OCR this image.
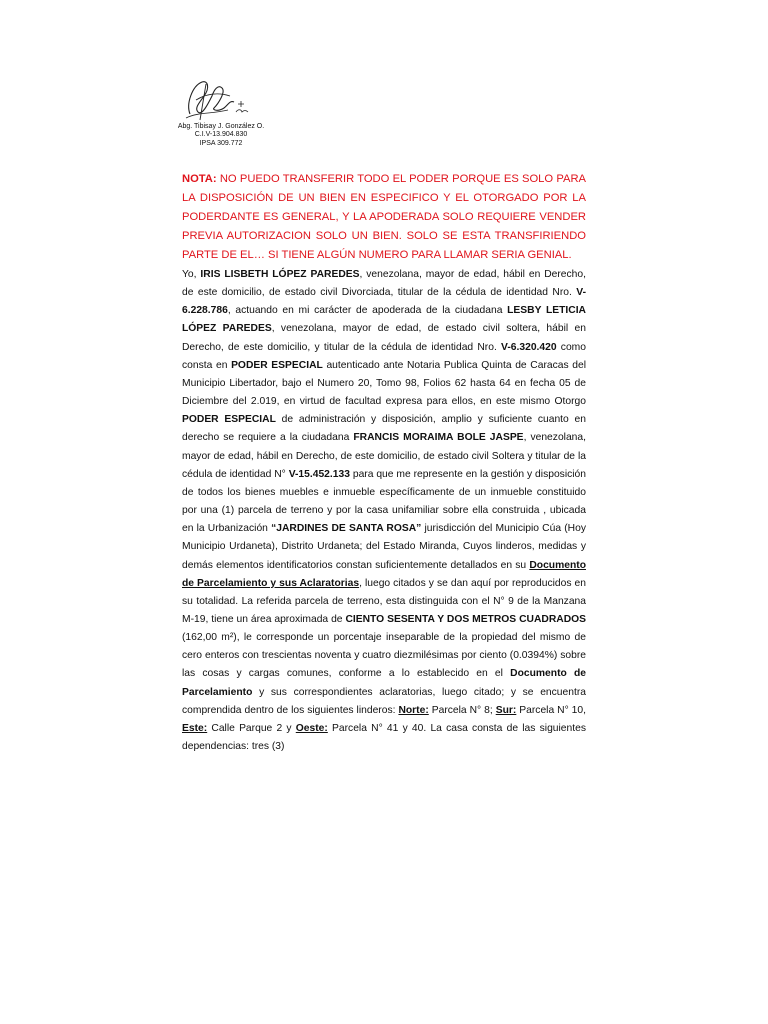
Abg. Tibisay J. González O.
C.I.V-13.904.830
IPSA 309.772

NOTA: NO PUEDO TRANSFERIR TODO EL PODER PORQUE ES SOLO PARA LA DISPOSICIÓN DE UN BIEN EN ESPECIFICO Y EL OTORGADO POR LA PODERDANTE ES GENERAL, Y LA APODERADA SOLO REQUIERE VENDER PREVIA AUTORIZACION SOLO UN BIEN. SOLO SE ESTA TRANSFIRIENDO PARTE DE EL… SI TIENE ALGÚN NUMERO PARA LLAMAR SERIA GENIAL.

Yo, IRIS LISBETH LÓPEZ PAREDES, venezolana, mayor de edad, hábil en Derecho, de este domicilio, de estado civil Divorciada, titular de la cédula de identidad Nro. V-6.228.786, actuando en mi carácter de apoderada de la ciudadana LESBY LETICIA LÓPEZ PAREDES, venezolana, mayor de edad, de estado civil soltera, hábil en Derecho, de este domicilio, y titular de la cédula de identidad Nro. V-6.320.420 como consta en PODER ESPECIAL autenticado ante Notaria Publica Quinta de Caracas del Municipio Libertador, bajo el Numero 20, Tomo 98, Folios 62 hasta 64 en fecha 05 de Diciembre del 2.019, en virtud de facultad expresa para ellos, en este mismo Otorgo PODER ESPECIAL de administración y disposición, amplio y suficiente cuanto en derecho se requiere a la ciudadana FRANCIS MORAIMA BOLE JASPE, venezolana, mayor de edad, hábil en Derecho, de este domicilio, de estado civil Soltera y titular de la cédula de identidad N° V-15.452.133 para que me represente en la gestión y disposición de todos los bienes muebles e inmueble específicamente de un inmueble constituido por una (1) parcela de terreno y por la casa unifamiliar sobre ella construida , ubicada en la Urbanización “JARDINES DE SANTA ROSA” jurisdicción del Municipio Cúa (Hoy Municipio Urdaneta), Distrito Urdaneta; del Estado Miranda, Cuyos linderos, medidas y demás elementos identificatorios constan suficientemente detallados en su Documento de Parcelamiento y sus Aclaratorias, luego citados y se dan aquí por reproducidos en su totalidad. La referida parcela de terreno, esta distinguida con el N° 9 de la Manzana M-19, tiene un área aproximada de CIENTO SESENTA Y DOS METROS CUADRADOS (162,00 m²), le corresponde un porcentaje inseparable de la propiedad del mismo de cero enteros con trescientas noventa y cuatro diezmilésimas por ciento (0.0394%) sobre las cosas y cargas comunes, conforme a lo establecido en el Documento de Parcelamiento y sus correspondientes aclaratorias, luego citado; y se encuentra comprendida dentro de los siguientes linderos: Norte: Parcela N° 8; Sur: Parcela N° 10, Este: Calle Parque 2 y Oeste: Parcela N° 41 y 40. La casa consta de las siguientes dependencias: tres (3)
